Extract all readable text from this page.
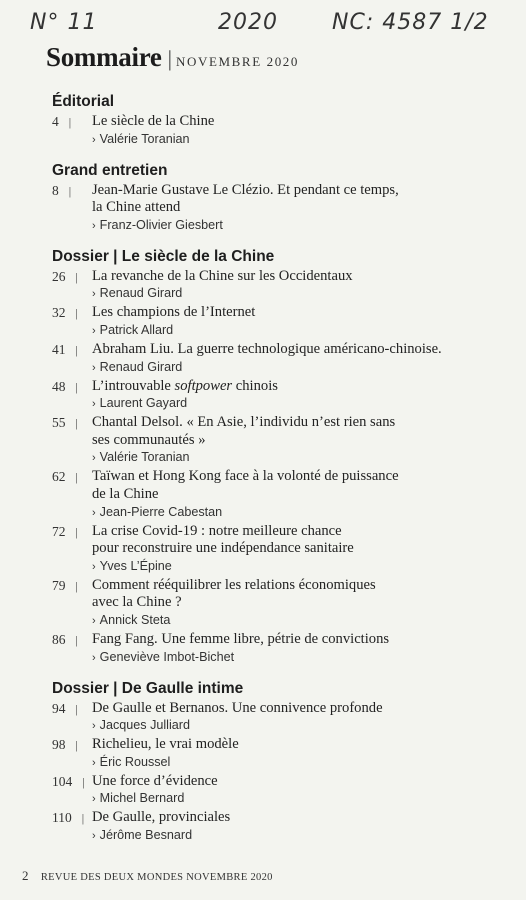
N° 11	2020 NC: 4587 1/2
Sommaire | NOVEMBRE 2020
Éditorial
4 |	Le siècle de la Chine
› Valérie Toranian
Grand entretien
8 |	Jean-Marie Gustave Le Clézio. Et pendant ce temps,
la Chine attend
› Franz-Olivier Giesbert
Dossier | Le siècle de la Chine
26 | La revanche de la Chine sur les Occidentaux
› Renaud Girard
32 | Les champions de l’Internet
› Patrick Allard
41 | Abraham Liu. La guerre technologique américano-chinoise.
› Renaud Girard
48 | L’introuvable softpower chinois
› Laurent Gayard
55 | Chantal Delsol. « En Asie, l’individu n’est rien sans
ses communautés »
› Valérie Toranian
62 | Taïwan et Hong Kong face à la volonté de puissance
de la Chine
› Jean-Pierre Cabestan
72 | La crise Covid-19 : notre meilleure chance
pour reconstruire une indépendance sanitaire
› Yves L’Épine
79 | Comment rééquilibrer les relations économiques
avec la Chine ?
› Annick Steta
86 | Fang Fang. Une femme libre, pétrie de convictions
› Geneviève Imbot-Bichet
Dossier | De Gaulle intime
94 | De Gaulle et Bernanos. Une connivence profonde
› Jacques Julliard
98 | Richelieu, le vrai modèle
› Éric Roussel
104 | Une force d’évidence
› Michel Bernard
110 | De Gaulle, provinciales
› Jérôme Besnard
2 REVUE DES DEUX MONDES NOVEMBRE 2020
